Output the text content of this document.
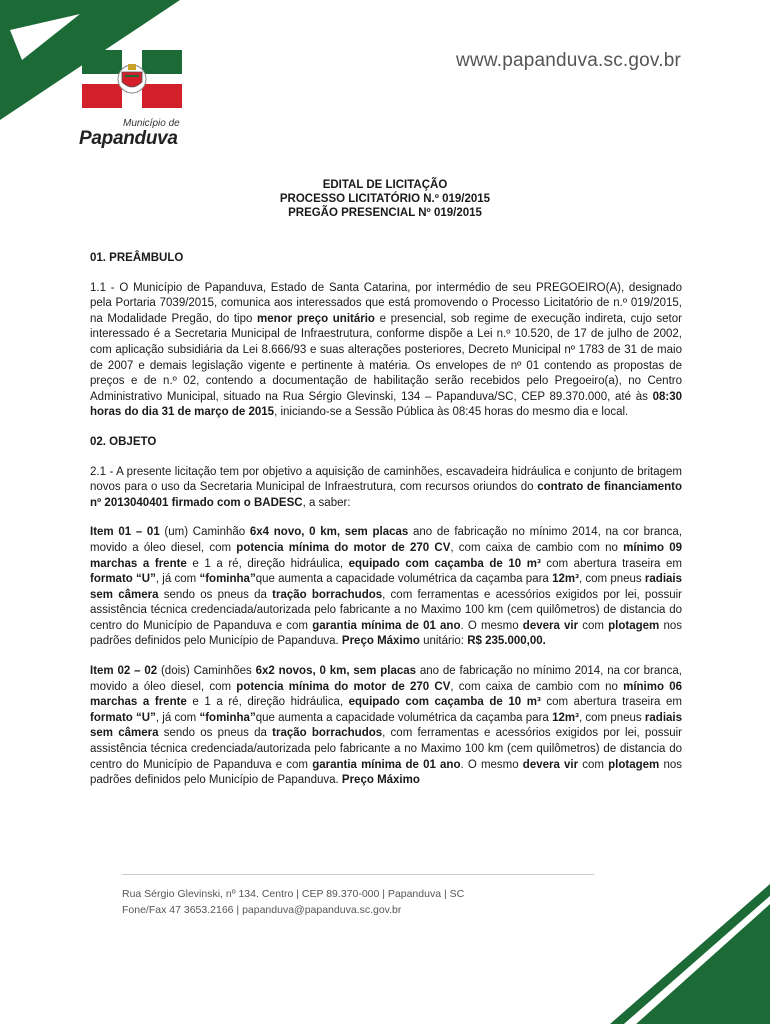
Município de
Papanduva
www.papanduva.sc.gov.br
EDITAL DE LICITAÇÃO
PROCESSO LICITATÓRIO N.º 019/2015
PREGÃO PRESENCIAL Nº 019/2015
01. PREÂMBULO

1.1 - O Município de Papanduva, Estado de Santa Catarina, por intermédio de seu PREGOEIRO(A), designado pela Portaria 7039/2015, comunica aos interessados que está promovendo o Processo Licitatório de n.º 019/2015, na Modalidade Pregão, do tipo menor preço unitário e presencial, sob regime de execução indireta, cujo setor interessado é a Secretaria Municipal de Infraestrutura, conforme dispõe a Lei n.º 10.520, de 17 de julho de 2002, com aplicação subsidiária da Lei 8.666/93 e suas alterações posteriores, Decreto Municipal nº 1783 de 31 de maio de 2007 e demais legislação vigente e pertinente à matéria. Os envelopes de nº 01 contendo as propostas de preços e de n.º 02, contendo a documentação de habilitação serão recebidos pelo Pregoeiro(a), no Centro Administrativo Municipal, situado na Rua Sérgio Glevinski, 134 – Papanduva/SC, CEP 89.370.000, até às 08:30 horas do dia 31 de março de 2015, iniciando-se a Sessão Pública às 08:45 horas do mesmo dia e local.

02. OBJETO

2.1 - A presente licitação tem por objetivo a aquisição de caminhões, escavadeira hidráulica e conjunto de britagem novos para o uso da Secretaria Municipal de Infraestrutura, com recursos oriundos do contrato de financiamento nº 2013040401 firmado com o BADESC, a saber:

Item 01 – 01 (um) Caminhão 6x4 novo, 0 km, sem placas ano de fabricação no mínimo 2014, na cor branca, movido a óleo diesel, com potencia mínima do motor de 270 CV, com caixa de cambio com no mínimo 09 marchas a frente e 1 a ré, direção hidráulica, equipado com caçamba de 10 m³ com abertura traseira em formato “U”, já com “fominha”que aumenta a capacidade volumétrica da caçamba para 12m³, com pneus radiais sem câmera sendo os pneus da tração borrachudos, com ferramentas e acessórios exigidos por lei, possuir assistência técnica credenciada/autorizada pelo fabricante a no Maximo 100 km (cem quilômetros) de distancia do centro do Município de Papanduva e com garantia mínima de 01 ano. O mesmo devera vir com plotagem nos padrões definidos pelo Município de Papanduva. Preço Máximo unitário: R$ 235.000,00.

Item 02 – 02 (dois) Caminhões 6x2 novos, 0 km, sem placas ano de fabricação no mínimo 2014, na cor branca, movido a óleo diesel, com potencia mínima do motor de 270 CV, com caixa de cambio com no mínimo 06 marchas a frente e 1 a ré, direção hidráulica, equipado com caçamba de 10 m³ com abertura traseira em formato “U”, já com “fominha”que aumenta a capacidade volumétrica da caçamba para 12m³, com pneus radiais sem câmera sendo os pneus da tração borrachudos, com ferramentas e acessórios exigidos por lei, possuir assistência técnica credenciada/autorizada pelo fabricante a no Maximo 100 km (cem quilômetros) de distancia do centro do Município de Papanduva e com garantia mínima de 01 ano. O mesmo devera vir com plotagem nos padrões definidos pelo Município de Papanduva. Preço Máximo

Rua Sérgio Glevinski, nº 134. Centro | CEP 89.370-000 | Papanduva | SC
Fone/Fax 47 3653.2166 | papanduva@papanduva.sc.gov.br
